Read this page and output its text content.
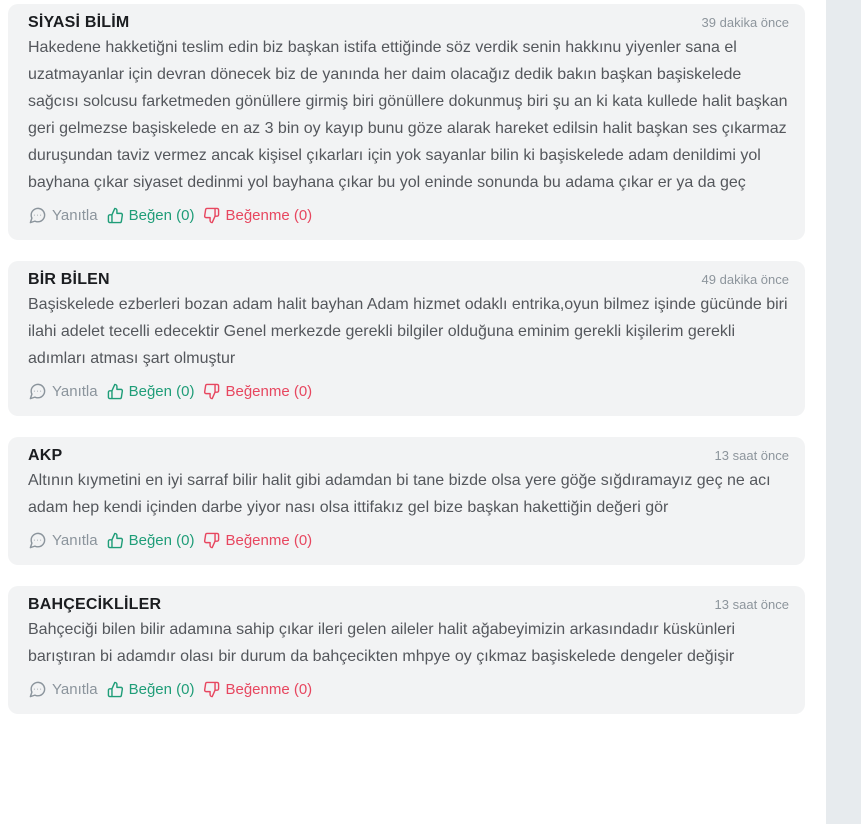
SİYASİ BİLİM	39 dakika önce
Hakedene hakketiğni teslim edin biz başkan istifa ettiğinde söz verdik senin hakkınu yiyenler sana el uzatmayanlar için devran dönecek biz de yanında her daim olacağız dedik bakın başkan başiskelede sağcısı solcusu farketmeden gönüllere girmiş biri gönüllere dokunmuş biri şu an ki kata kullede halit başkan geri gelmezse başiskelede en az 3 bin oy kayıp bunu göze alarak hareket edilsin halit başkan ses çıkarmaz duruşundan taviz vermez ancak kişisel çıkarları için yok sayanlar bilin ki başiskelede adam denildimi yol bayhana çıkar siyaset dedinmi yol bayhana çıkar bu yol eninde sonunda bu adama çıkar er ya da geç
Yanıtla Beğen (0) Beğenme (0)
BİR BİLEN	49 dakika önce
Başiskelede ezberleri bozan adam halit bayhan Adam hizmet odaklı entrika,oyun bilmez işinde gücünde biri ilahi adelet tecelli edecektir Genel merkezde gerekli bilgiler olduğuna eminim gerekli kişilerim gerekli adımları atması şart olmuştur
Yanıtla Beğen (0) Beğenme (0)
AKP	13 saat önce
Altının kıymetini en iyi sarraf bilir halit gibi adamdan bi tane bizde olsa yere göğe sığdıramayız geç ne acı adam hep kendi içinden darbe yiyor nası olsa ittifakız gel bize başkan hakettiğin değeri gör
Yanıtla Beğen (0) Beğenme (0)
BAHÇECİKLİLER	13 saat önce
Bahçeciği bilen bilir adamına sahip çıkar ileri gelen aileler halit ağabeyimizin arkasındadır küskünleri barıştıran bi adamdır olası bir durum da bahçecikten mhpye oy çıkmaz başiskelede dengeler değişir
Yanıtla Beğen (0) Beğenme (0)
